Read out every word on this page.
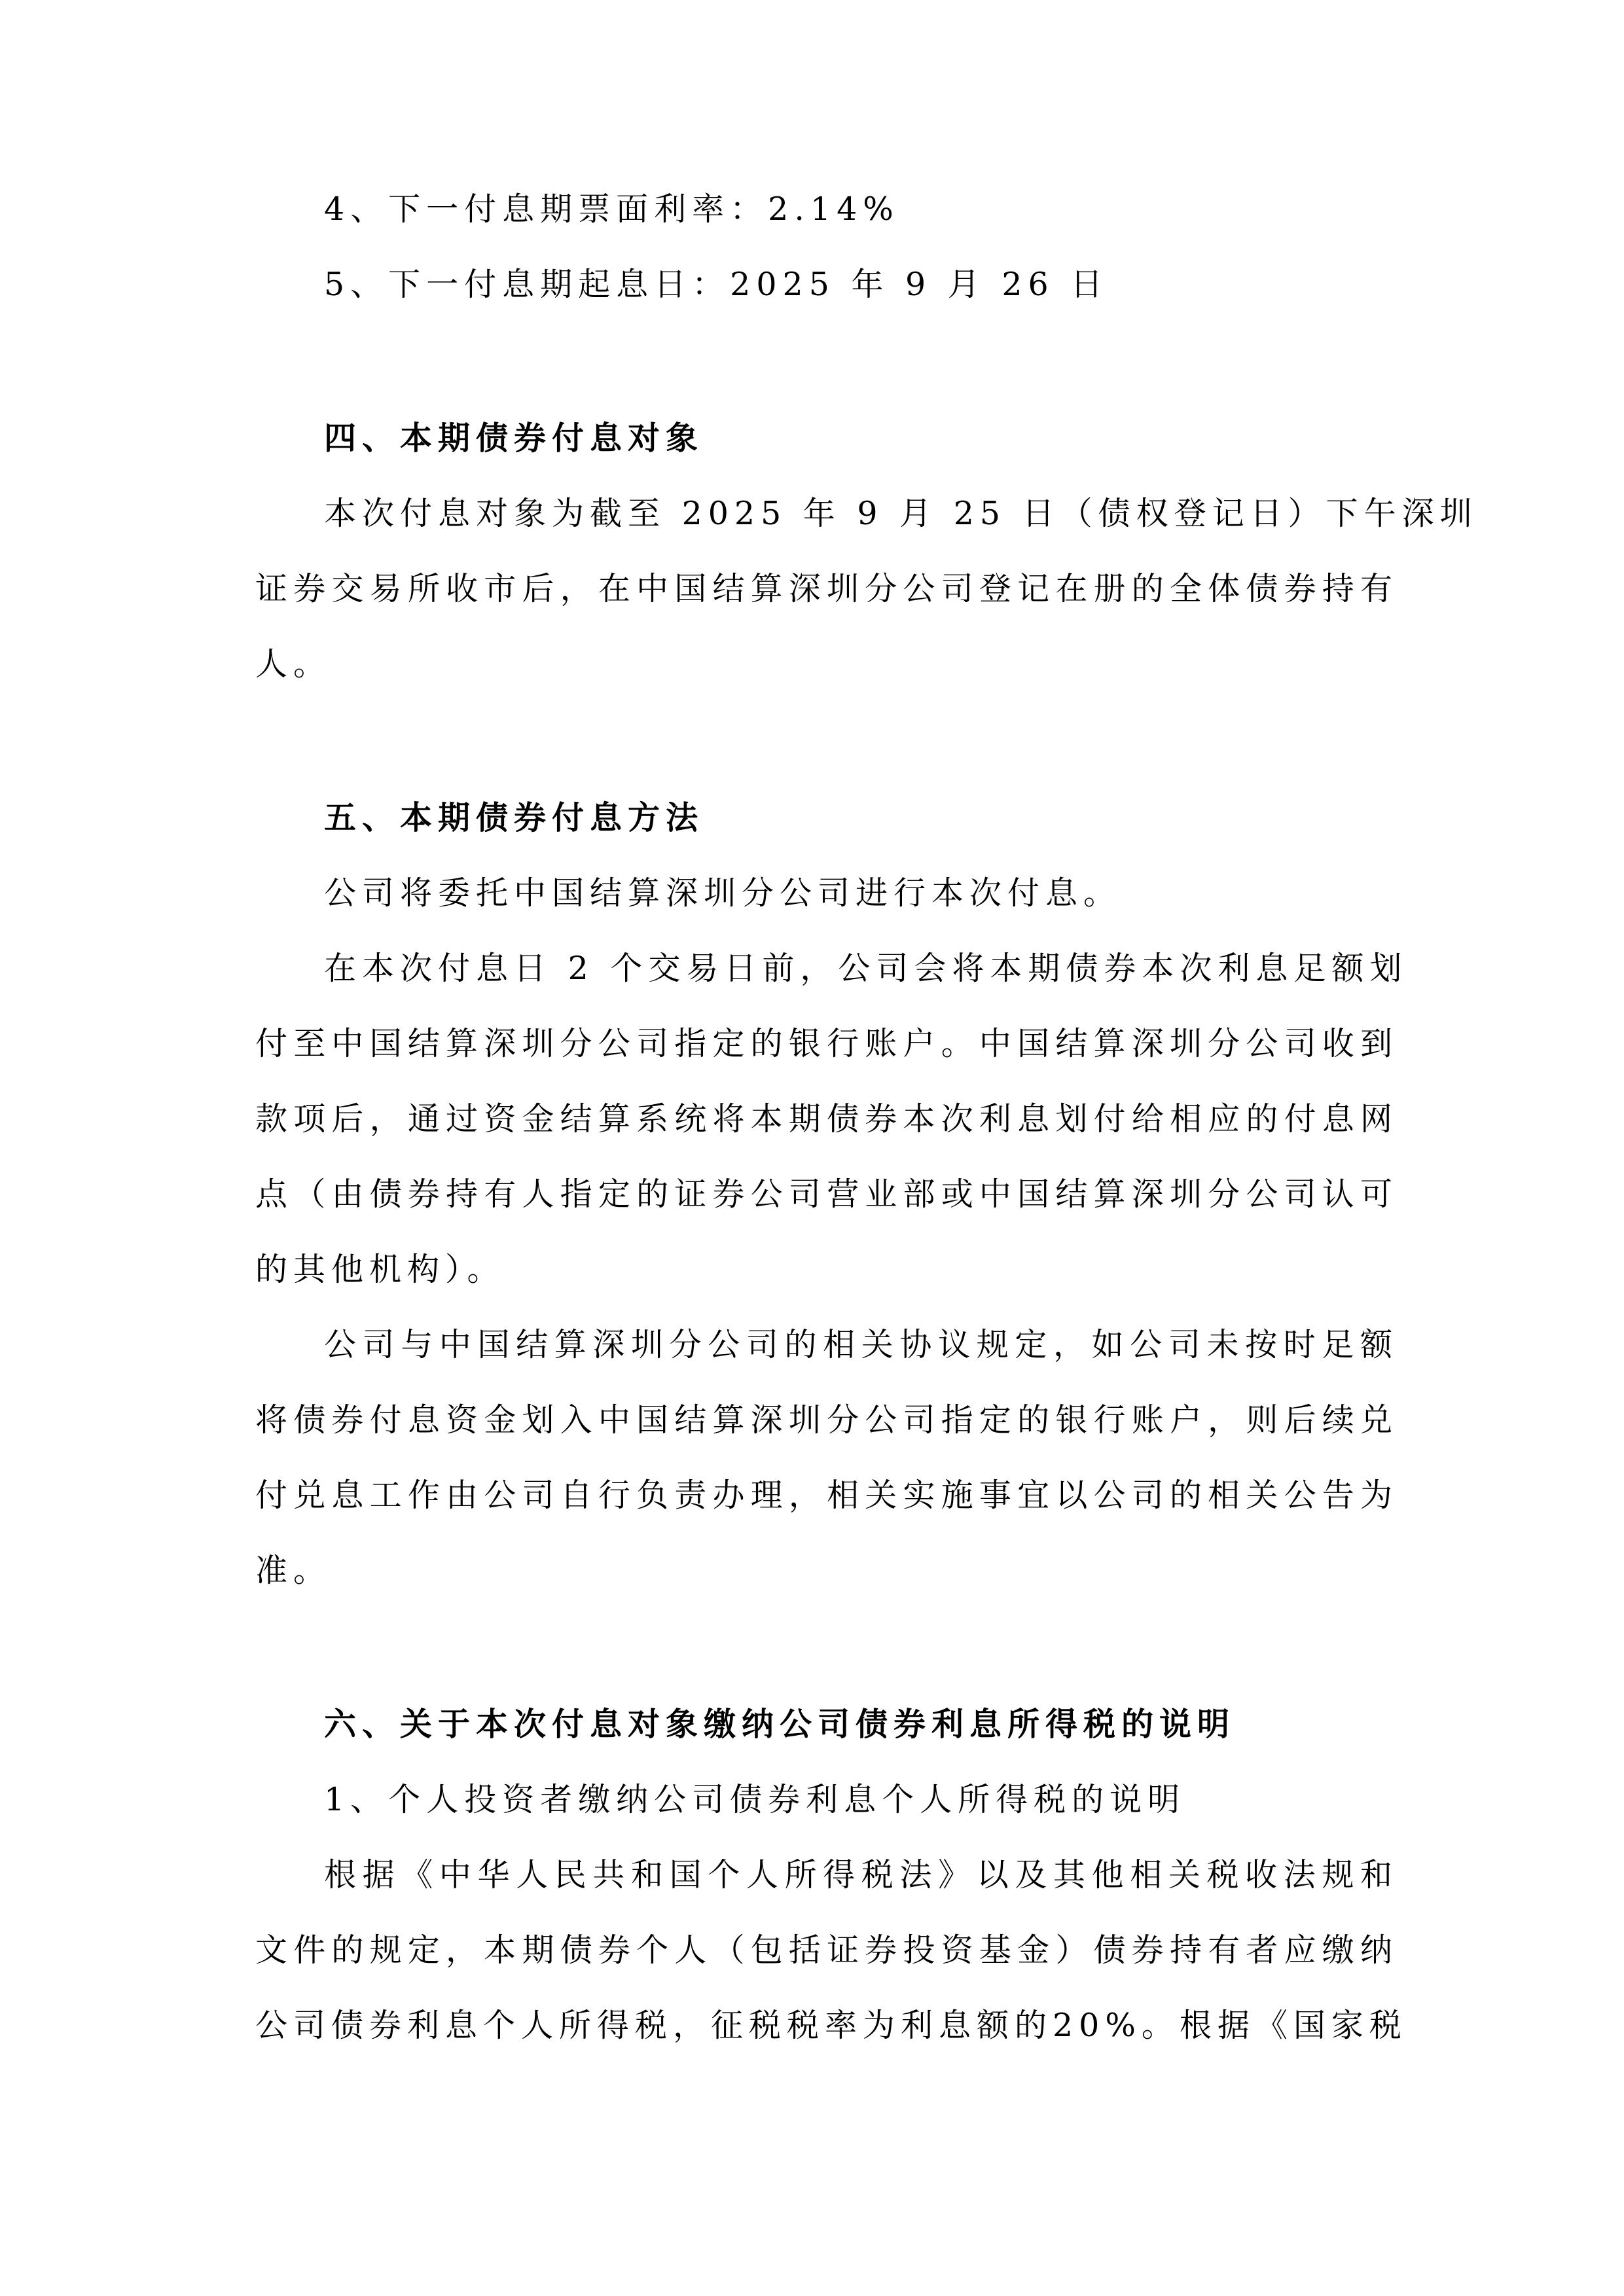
4、下一付息期票面利率：2.14%
5、下一付息期起息日：2025 年 9 月 26 日
四、本期债券付息对象
本次付息对象为截至 2025 年 9 月 25 日（债权登记日）下午深圳
证券交易所收市后，在中国结算深圳分公司登记在册的全体债券持有
人。
五、本期债券付息方法
公司将委托中国结算深圳分公司进行本次付息。
在本次付息日 2 个交易日前，公司会将本期债券本次利息足额划
付至中国结算深圳分公司指定的银行账户。中国结算深圳分公司收到
款项后，通过资金结算系统将本期债券本次利息划付给相应的付息网
点（由债券持有人指定的证券公司营业部或中国结算深圳分公司认可
的其他机构）。
公司与中国结算深圳分公司的相关协议规定，如公司未按时足额
将债券付息资金划入中国结算深圳分公司指定的银行账户，则后续兑
付兑息工作由公司自行负责办理，相关实施事宜以公司的相关公告为
准。
六、关于本次付息对象缴纳公司债券利息所得税的说明
1、个人投资者缴纳公司债券利息个人所得税的说明
根据《中华人民共和国个人所得税法》以及其他相关税收法规和
文件的规定，本期债券个人（包括证券投资基金）债券持有者应缴纳
公司债券利息个人所得税，征税税率为利息额的20%。根据《国家税
